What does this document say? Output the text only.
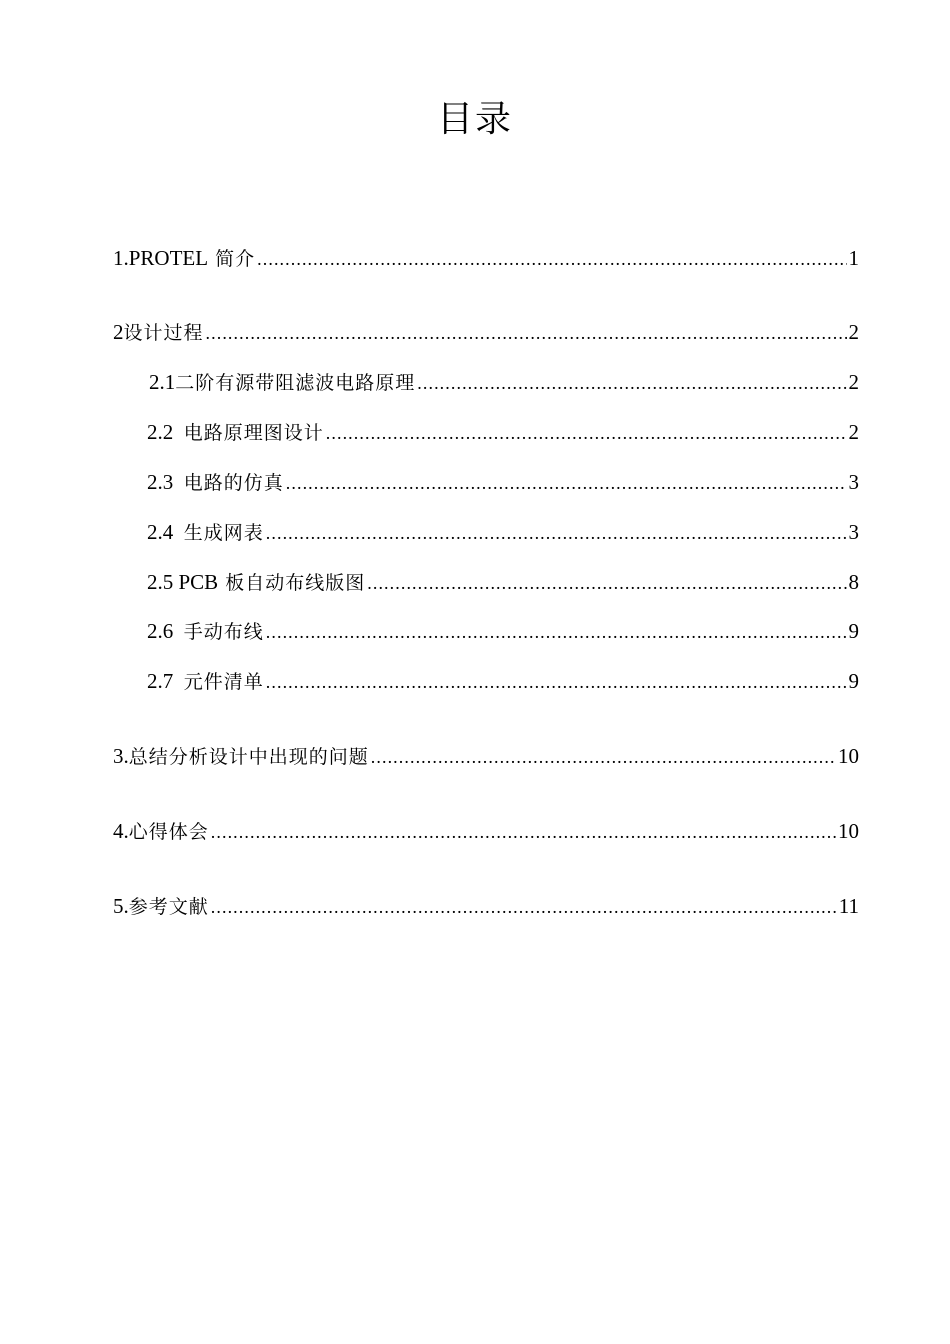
目录
1. PROTEL 简介 .....	1
2 设计过程 .....	2
2.1 二阶有源带阻滤波电路原理 .....	2
2.2 电路原理图设计 .....	2
2.3 电路的仿真 .....	3
2.4 生成网表 .....	3
2.5 PCB 板自动布线版图 .....	8
2.6 手动布线 .....	9
2.7 元件清单 .....	9
3. 总结分析设计中出现的问题 .....	10
4. 心得体会 .....	10
5. 参考文献 .....	11
